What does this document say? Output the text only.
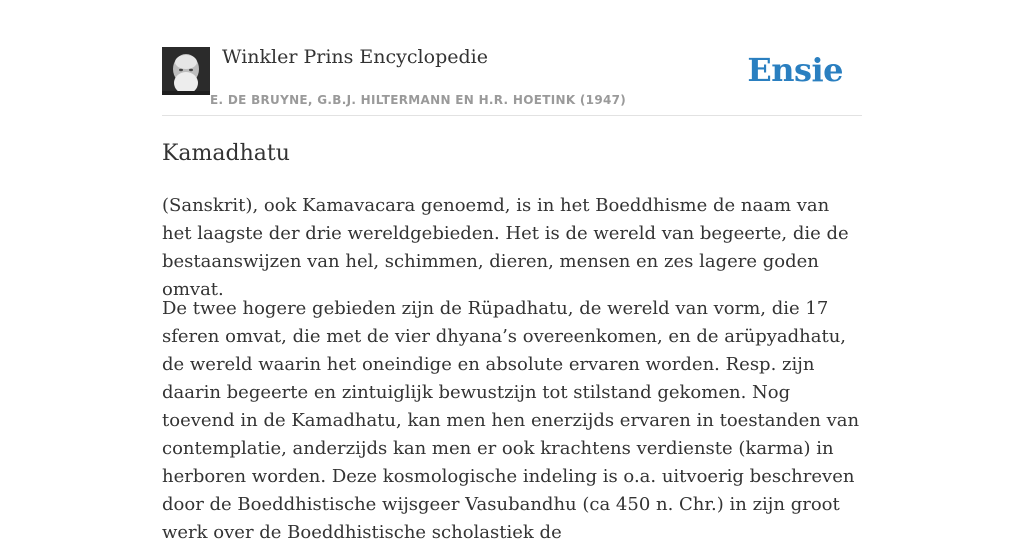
Winkler Prins Encyclopedie	Ensie
E. DE BRUYNE, G.B.J. HILTERMANN EN H.R. HOETINK (1947)
Kamadhatu

(Sanskrit), ook Kamavacara genoemd, is in het Boeddhisme de naam van het laagste der drie wereldgebieden. Het is de wereld van begeerte, die de bestaanswijzen van hel, schimmen, dieren, mensen en zes lagere goden omvat.

De twee hogere gebieden zijn de Rüpadhatu, de wereld van vorm, die 17 sferen omvat, die met de vier dhyana’s overeenkomen, en de arüpyadhatu, de wereld waarin het oneindige en absolute ervaren worden. Resp. zijn daarin begeerte en zintuiglijk bewustzijn tot stilstand gekomen. Nog toevend in de Kamadhatu, kan men hen enerzijds ervaren in toestanden van contemplatie, anderzijds kan men er ook krachtens verdienste (karma) in herboren worden. Deze kosmologische indeling is o.a. uitvoerig beschreven door de Boeddhistische wijsgeer Vasubandhu (ca 450 n. Chr.) in zijn groot werk over de Boeddhistische scholastiek de
